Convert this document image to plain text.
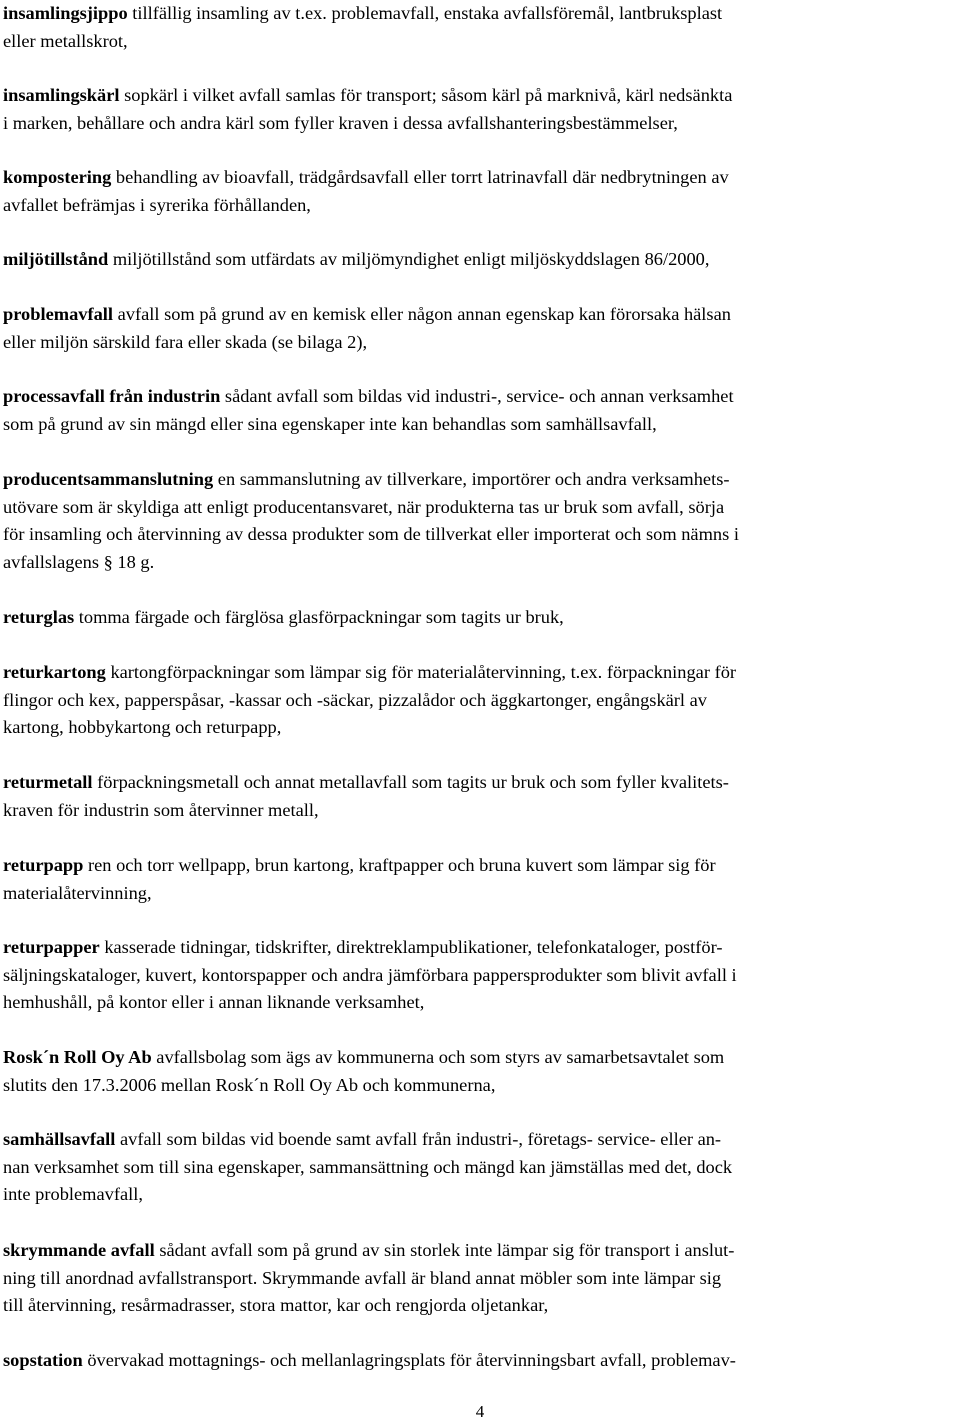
insamlingsjippo tillfällig insamling av t.ex. problemavfall, enstaka avfallsföremål, lantbruksplast
eller metallskrot,

insamlingskärl sopkärl i vilket avfall samlas för transport; såsom kärl på marknivå, kärl nedsänkta
i marken, behållare och andra kärl som fyller kraven i dessa avfallshanteringsbestämmelser,

kompostering behandling av bioavfall, trädgårdsavfall eller torrt latrinavfall där nedbrytningen av
avfallet befrämjas i syrerika förhållanden,

miljötillstånd miljötillstånd som utfärdats av miljömyndighet enligt miljöskyddslagen 86/2000,

problemavfall avfall som på grund av en kemisk eller någon annan egenskap kan förorsaka hälsan
eller miljön särskild fara eller skada (se bilaga 2),

processavfall från industrin sådant avfall som bildas vid industri-, service- och annan verksamhet
som på grund av sin mängd eller sina egenskaper inte kan behandlas som samhällsavfall,

producentsammanslutning en sammanslutning av tillverkare, importörer och andra verksamhets-
utövare som är skyldiga att enligt producentansvaret, när produkterna tas ur bruk som avfall, sörja
för insamling och återvinning av dessa produkter som de tillverkat eller importerat och som nämns i
avfallslagens § 18 g.

returglas tomma färgade och färglösa glasförpackningar som tagits ur bruk,

returkartong kartongförpackningar som lämpar sig för materialåtervinning, t.ex. förpackningar för
flingor och kex, papperspåsar, -kassar och -säckar, pizzalådor och äggkartonger, engångskärl av
kartong, hobbykartong och returpapp,

returmetall förpackningsmetall och annat metallavfall som tagits ur bruk och som fyller kvalitets-
kraven för industrin som återvinner metall,

returpapp ren och torr wellpapp, brun kartong, kraftpapper och bruna kuvert som lämpar sig för
materialåtervinning,

returpapper kasserade tidningar, tidskrifter, direktreklampublikationer, telefonkataloger, postför-
säljningskataloger, kuvert, kontorspapper och andra jämförbara pappersprodukter som blivit avfall i
hemhushåll, på kontor eller i annan liknande verksamhet,

Rosk´n Roll Oy Ab avfallsbolag som ägs av kommunerna och som styrs av samarbetsavtalet som
slutits den 17.3.2006 mellan Rosk´n Roll Oy Ab och kommunerna,

samhällsavfall avfall som bildas vid boende samt avfall från industri-, företags- service- eller an-
nan verksamhet som till sina egenskaper, sammansättning och mängd kan jämställas med det, dock
inte problemavfall,

skrymmande avfall sådant avfall som på grund av sin storlek inte lämpar sig för transport i anslut-
ning till anordnad avfallstransport. Skrymmande avfall är bland annat möbler som inte lämpar sig
till återvinning, resårmadrasser, stora mattor, kar och rengjorda oljetankar,

sopstation övervakad mottagnings- och mellanlagringsplats för återvinningsbart avfall, problemav-

4
